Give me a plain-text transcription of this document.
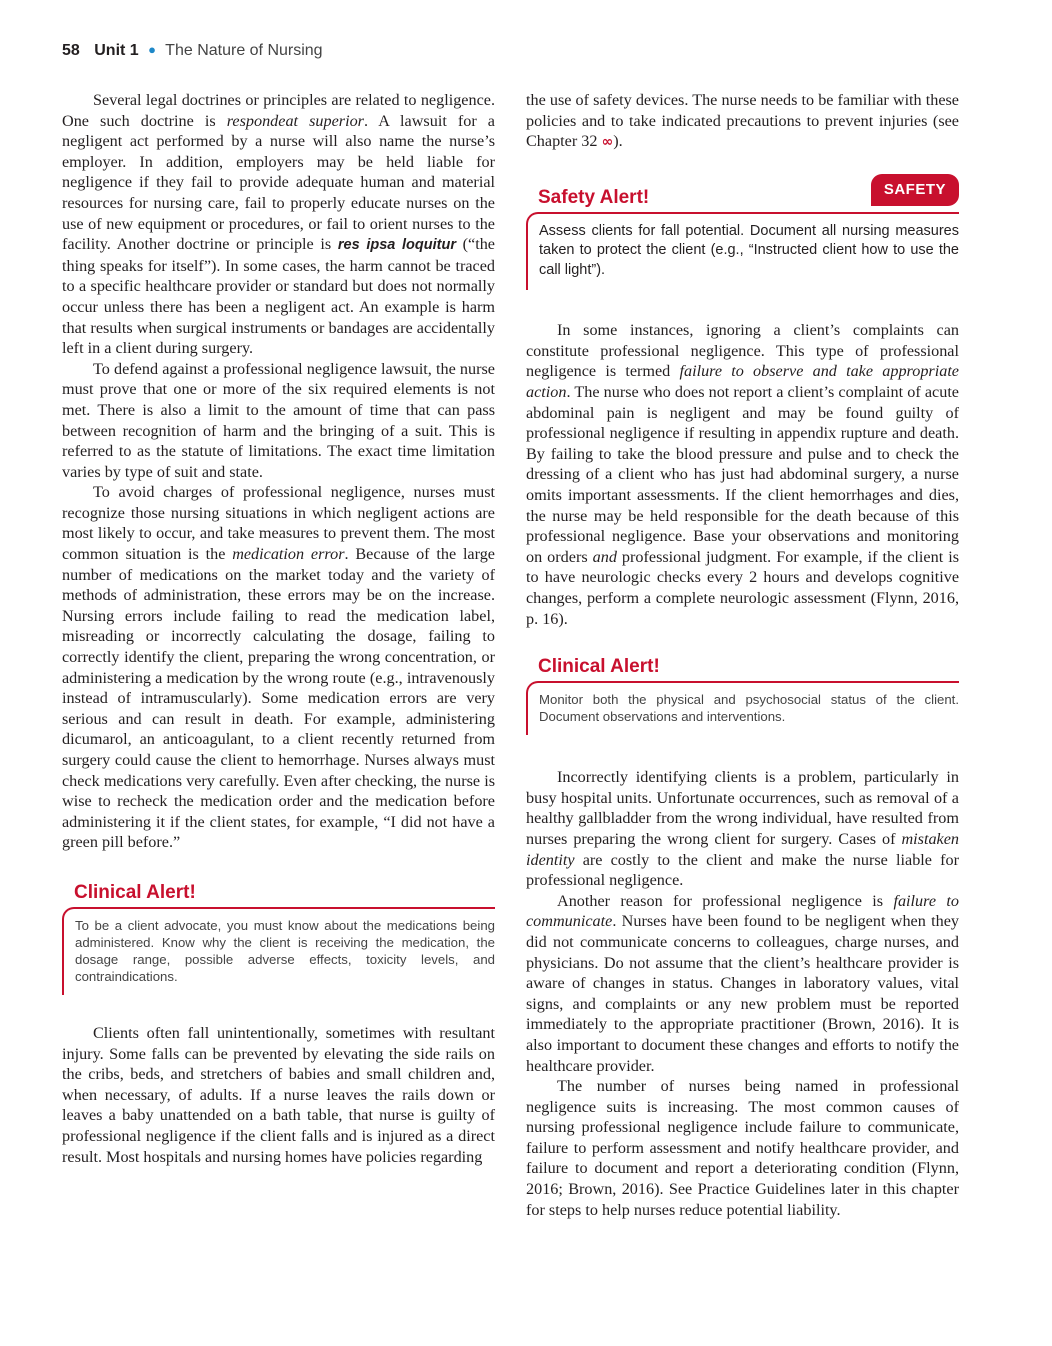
58 Unit 1 ● The Nature of Nursing

Several legal doctrines or principles are related to negligence. One such doctrine is respondeat superior. A lawsuit for a negligent act performed by a nurse will also name the nurse’s employer. In addition, employers may be held liable for negligence if they fail to provide adequate human and material resources for nursing care, fail to properly educate nurses on the use of new equipment or procedures, or fail to orient nurses to the facility. Another doctrine or principle is res ipsa loquitur (“the thing speaks for itself”). In some cases, the harm cannot be traced to a specific healthcare provider or standard but does not normally occur unless there has been a negligent act. An example is harm that results when surgical instruments or bandages are accidentally left in a client during surgery.

To defend against a professional negligence lawsuit, the nurse must prove that one or more of the six required elements is not met. There is also a limit to the amount of time that can pass between recognition of harm and the bringing of a suit. This is referred to as the statute of limitations. The exact time limitation varies by type of suit and state.

To avoid charges of professional negligence, nurses must recognize those nursing situations in which negligent actions are most likely to occur, and take measures to prevent them. The most common situation is the medication error. Because of the large number of medications on the market today and the variety of methods of administration, these errors may be on the increase. Nursing errors include failing to read the medication label, misreading or incorrectly calculating the dosage, failing to correctly identify the client, preparing the wrong concentration, or administering a medication by the wrong route (e.g., intravenously instead of intramuscularly). Some medication errors are very serious and can result in death. For example, administering dicumarol, an anticoagulant, to a client recently returned from surgery could cause the client to hemorrhage. Nurses always must check medications very carefully. Even after checking, the nurse is wise to recheck the medication order and the medication before administering it if the client states, for example, “I did not have a green pill before.”

Clinical Alert!
To be a client advocate, you must know about the medications being administered. Know why the client is receiving the medication, the dosage range, possible adverse effects, toxicity levels, and contraindications.

Clients often fall unintentionally, sometimes with resultant injury. Some falls can be prevented by elevating the side rails on the cribs, beds, and stretchers of babies and small children and, when necessary, of adults. If a nurse leaves the rails down or leaves a baby unattended on a bath table, that nurse is guilty of professional negligence if the client falls and is injured as a direct result. Most hospitals and nursing homes have policies regarding

the use of safety devices. The nurse needs to be familiar with these policies and to take indicated precautions to prevent injuries (see Chapter 32 ∞).

SAFETY
Safety Alert!
Assess clients for fall potential. Document all nursing measures taken to protect the client (e.g., “Instructed client how to use the call light”).

In some instances, ignoring a client’s complaints can constitute professional negligence. This type of professional negligence is termed failure to observe and take appropriate action. The nurse who does not report a client’s complaint of acute abdominal pain is negligent and may be found guilty of professional negligence if resulting in appendix rupture and death. By failing to take the blood pressure and pulse and to check the dressing of a client who has just had abdominal surgery, a nurse omits important assessments. If the client hemorrhages and dies, the nurse may be held responsible for the death because of this professional negligence. Base your observations and monitoring on orders and professional judgment. For example, if the client is to have neurologic checks every 2 hours and develops cognitive changes, perform a complete neurologic assessment (Flynn, 2016, p. 16).

Clinical Alert!
Monitor both the physical and psychosocial status of the client. Document observations and interventions.

Incorrectly identifying clients is a problem, particularly in busy hospital units. Unfortunate occurrences, such as removal of a healthy gallbladder from the wrong individual, have resulted from nurses preparing the wrong client for surgery. Cases of mistaken identity are costly to the client and make the nurse liable for professional negligence.

Another reason for professional negligence is failure to communicate. Nurses have been found to be negligent when they did not communicate concerns to colleagues, charge nurses, and physicians. Do not assume that the client’s healthcare provider is aware of changes in status. Changes in laboratory values, vital signs, and complaints or any new problem must be reported immediately to the appropriate practitioner (Brown, 2016). It is also important to document these changes and efforts to notify the healthcare provider.

The number of nurses being named in professional negligence suits is increasing. The most common causes of nursing professional negligence include failure to communicate, failure to perform assessment and notify healthcare provider, and failure to document and report a deteriorating condition (Flynn, 2016; Brown, 2016). See Practice Guidelines later in this chapter for steps to help nurses reduce potential liability.
